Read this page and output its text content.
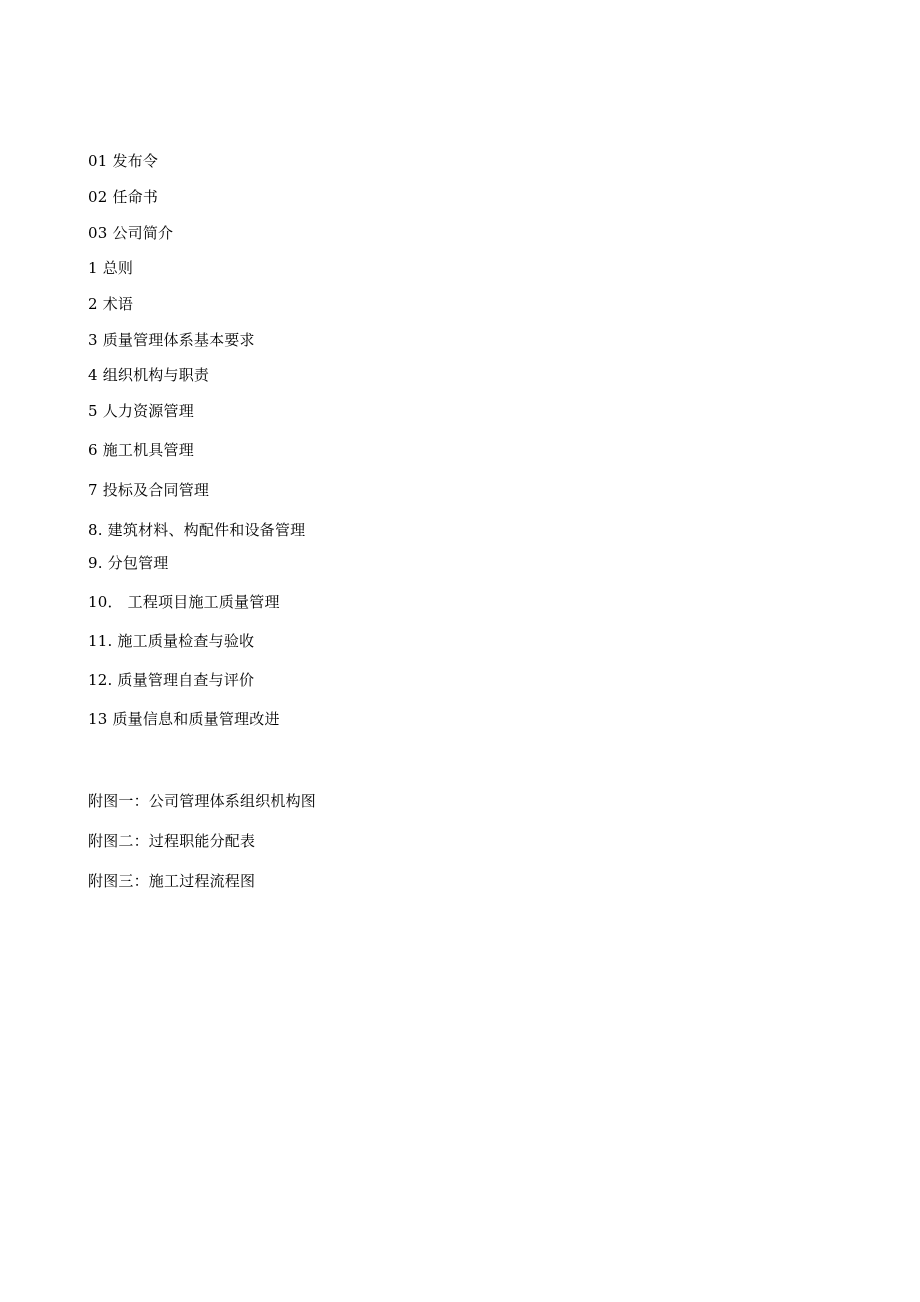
01 发布令
02 任命书
03 公司简介
1 总则
2 术语
3 质量管理体系基本要求
4 组织机构与职责
5 人力资源管理
6 施工机具管理
7 投标及合同管理
8. 建筑材料、构配件和设备管理
9. 分包管理
10． 工程项目施工质量管理
11. 施工质量检查与验收
12. 质量管理自查与评价
13 质量信息和质量管理改进
附图一：公司管理体系组织机构图
附图二：过程职能分配表
附图三：施工过程流程图
